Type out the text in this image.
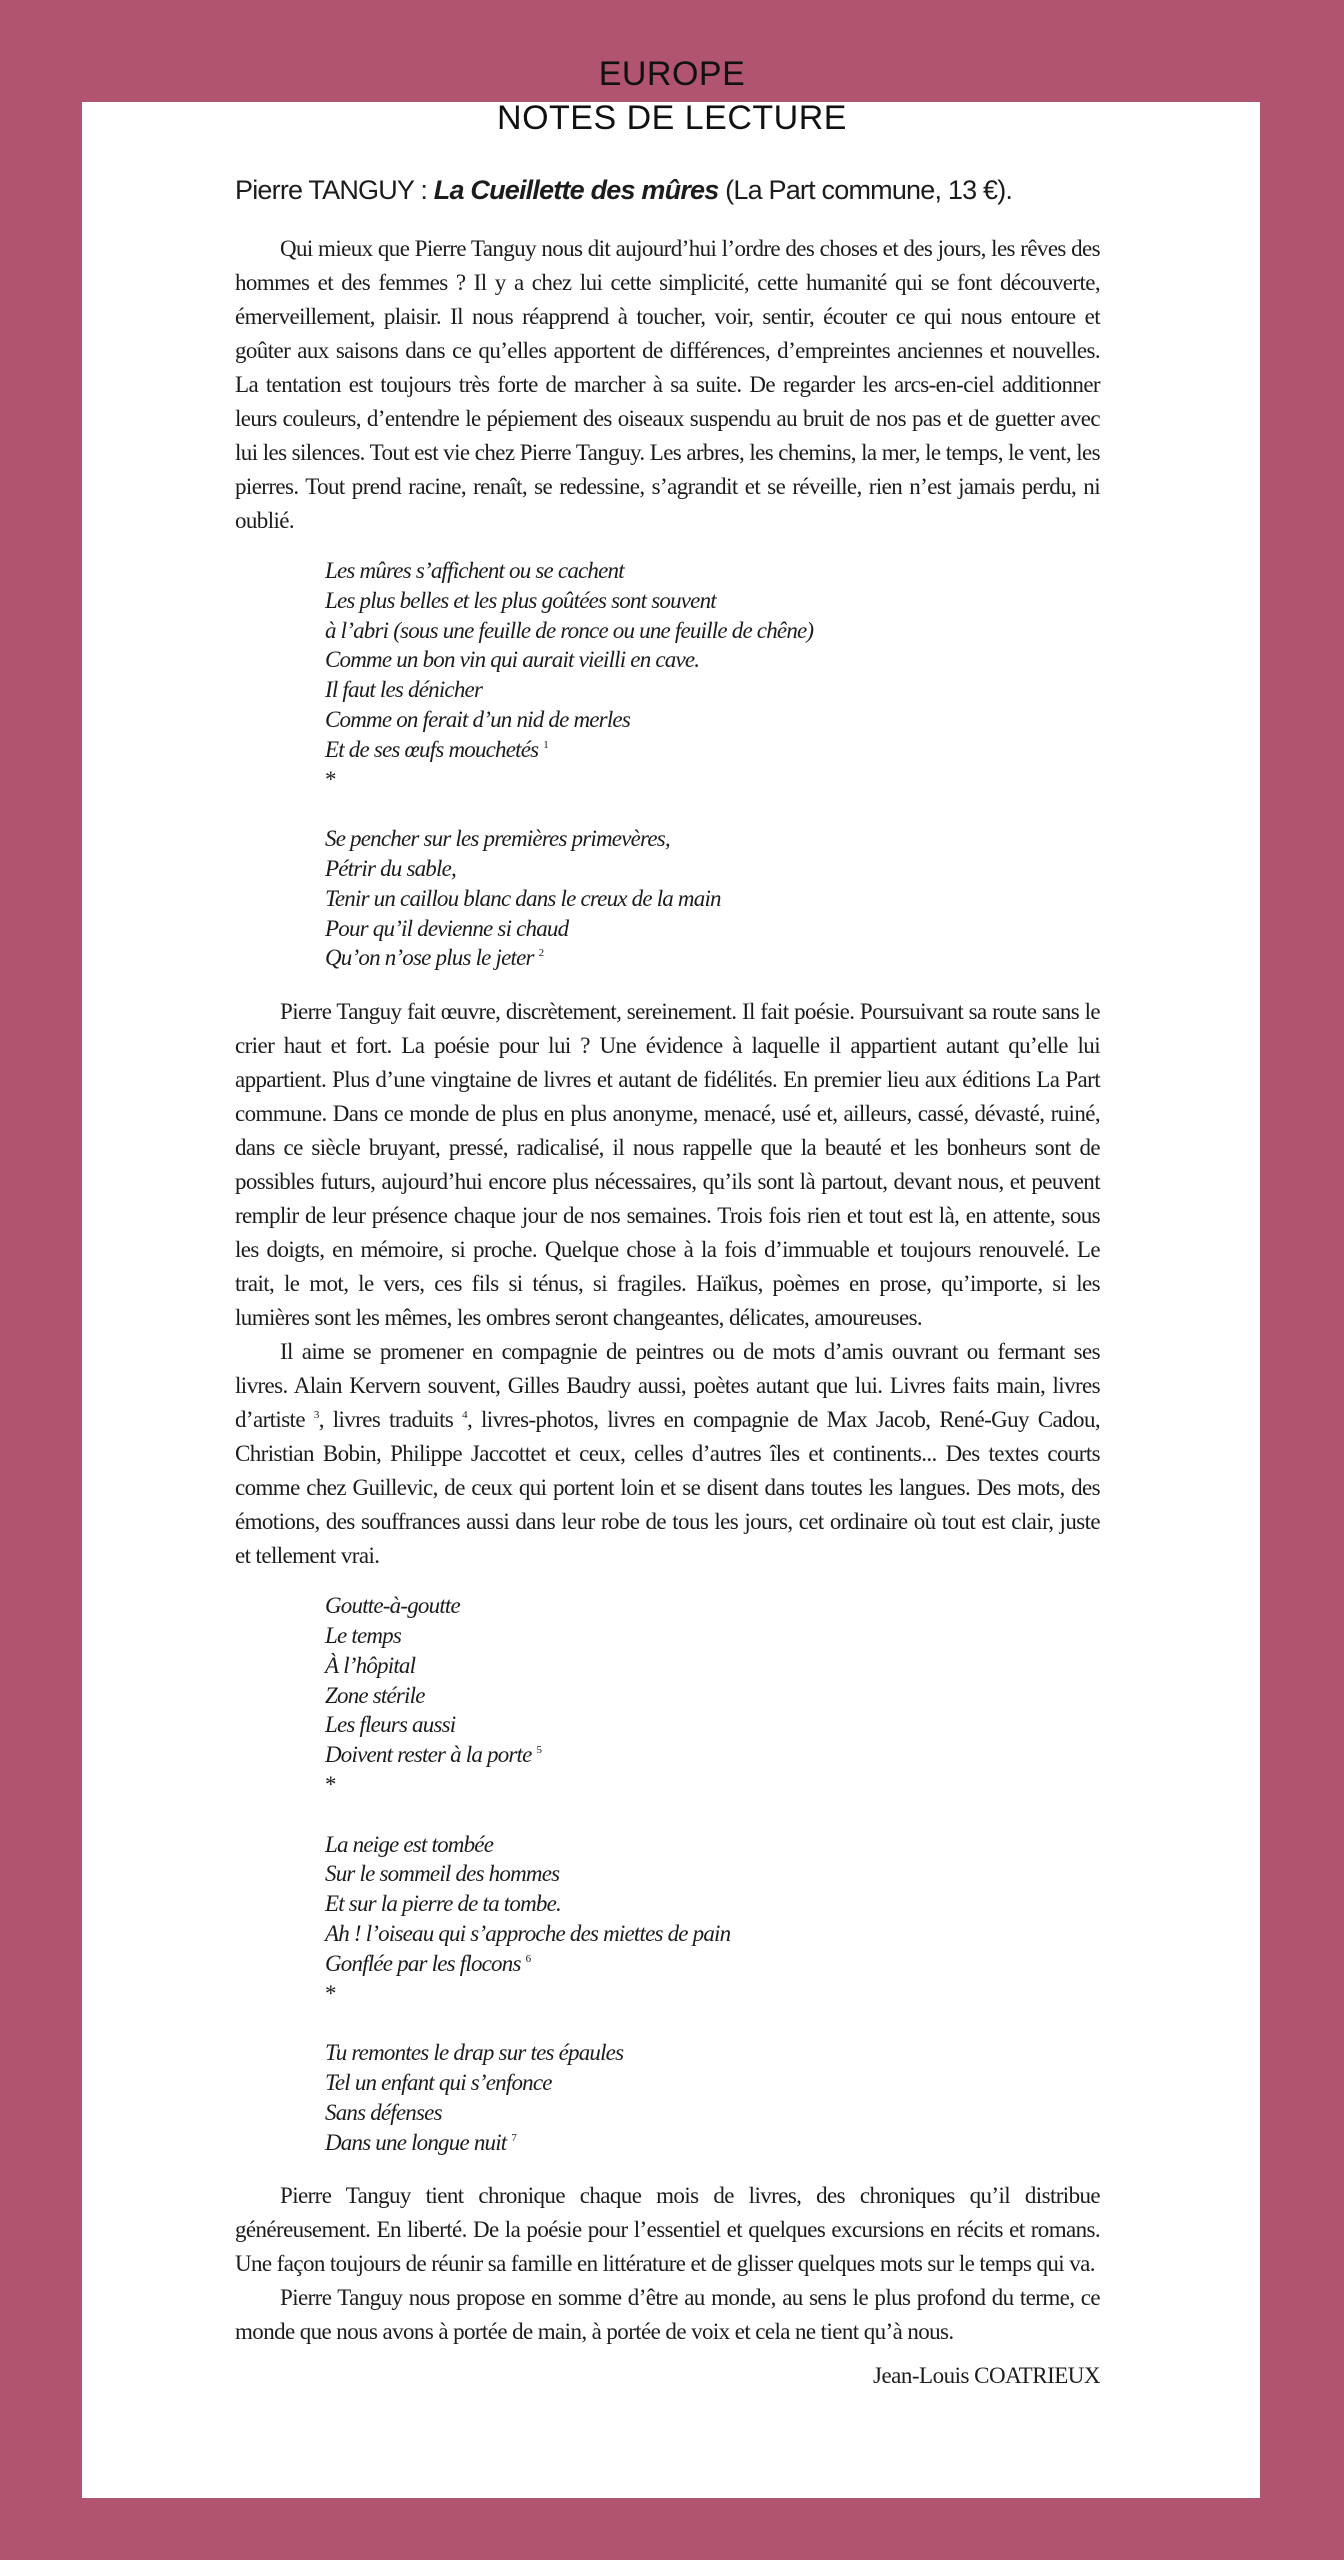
EUROPE
NOTES DE LECTURE
Pierre TANGUY : La Cueillette des mûres (La Part commune, 13 €).

Qui mieux que Pierre Tanguy nous dit aujourd’hui l’ordre des choses et des jours, les rêves des hommes et des femmes ? Il y a chez lui cette simplicité, cette humanité qui se font découverte, émerveillement, plaisir. Il nous réapprend à toucher, voir, sentir, écouter ce qui nous entoure et goûter aux saisons dans ce qu’elles apportent de différences, d’empreintes anciennes et nouvelles. La tentation est toujours très forte de marcher à sa suite. De regarder les arcs-en-ciel additionner leurs couleurs, d’entendre le pépiement des oiseaux suspendu au bruit de nos pas et de guetter avec lui les silences. Tout est vie chez Pierre Tanguy. Les arbres, les chemins, la mer, le temps, le vent, les pierres. Tout prend racine, renaît, se redessine, s’agrandit et se réveille, rien n’est jamais perdu, ni oublié.

Les mûres s’affichent ou se cachent
Les plus belles et les plus goûtées sont souvent
à l’abri (sous une feuille de ronce ou une feuille de chêne)
Comme un bon vin qui aurait vieilli en cave.
Il faut les dénicher
Comme on ferait d’un nid de merles
Et de ses œufs mouchetés $^1$
*
Se pencher sur les premières primevères,
Pétrir du sable,
Tenir un caillou blanc dans le creux de la main
Pour qu’il devienne si chaud
Qu’on n’ose plus le jeter $^2$

Pierre Tanguy fait œuvre, discrètement, sereinement. Il fait poésie. Poursuivant sa route sans le crier haut et fort. La poésie pour lui ? Une évidence à laquelle il appartient autant qu’elle lui appartient. Plus d’une vingtaine de livres et autant de fidélités. En premier lieu aux éditions La Part commune. Dans ce monde de plus en plus anonyme, menacé, usé et, ailleurs, cassé, dévasté, ruiné, dans ce siècle bruyant, pressé, radicalisé, il nous rappelle que la beauté et les bonheurs sont de possibles futurs, aujourd’hui encore plus nécessaires, qu’ils sont là partout, devant nous, et peuvent remplir de leur présence chaque jour de nos semaines. Trois fois rien et tout est là, en attente, sous les doigts, en mémoire, si proche. Quelque chose à la fois d’immuable et toujours renouvelé. Le trait, le mot, le vers, ces fils si ténus, si fragiles. Haïkus, poèmes en prose, qu’importe, si les lumières sont les mêmes, les ombres seront changeantes, délicates, amoureuses.

Il aime se promener en compagnie de peintres ou de mots d’amis ouvrant ou fermant ses livres. Alain Kervern souvent, Gilles Baudry aussi, poètes autant que lui. Livres faits main, livres d’artiste $^3$, livres traduits $^4$, livres-photos, livres en compagnie de Max Jacob, René-Guy Cadou, Christian Bobin, Philippe Jaccottet et ceux, celles d’autres îles et continents... Des textes courts comme chez Guillevic, de ceux qui portent loin et se disent dans toutes les langues. Des mots, des émotions, des souffrances aussi dans leur robe de tous les jours, cet ordinaire où tout est clair, juste et tellement vrai.

Goutte-à-goutte
Le temps
À l’hôpital
Zone stérile
Les fleurs aussi
Doivent rester à la porte $^5$
*
La neige est tombée
Sur le sommeil des hommes
Et sur la pierre de ta tombe.
Ah ! l’oiseau qui s’approche des miettes de pain
Gonflée par les flocons $^6$
*
Tu remontes le drap sur tes épaules
Tel un enfant qui s’enfonce
Sans défenses
Dans une longue nuit $^7$

Pierre Tanguy tient chronique chaque mois de livres, des chroniques qu’il distribue généreusement. En liberté. De la poésie pour l’essentiel et quelques excursions en récits et romans. Une façon toujours de réunir sa famille en littérature et de glisser quelques mots sur le temps qui va.

Pierre Tanguy nous propose en somme d’être au monde, au sens le plus profond du terme, ce monde que nous avons à portée de main, à portée de voix et cela ne tient qu’à nous.

Jean-Louis COATRIEUX
